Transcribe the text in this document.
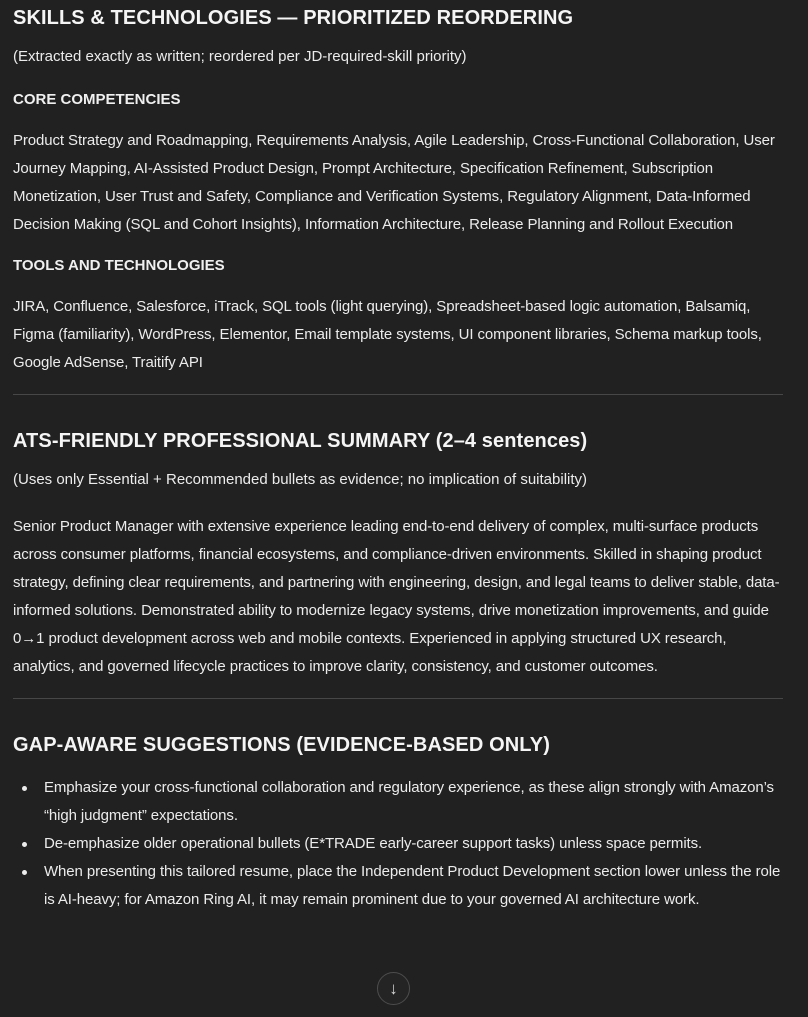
SKILLS & TECHNOLOGIES — PRIORITIZED REORDERING

(Extracted exactly as written; reordered per JD-required-skill priority)

CORE COMPETENCIES

Product Strategy and Roadmapping, Requirements Analysis, Agile Leadership, Cross-Functional Collaboration, User Journey Mapping, AI-Assisted Product Design, Prompt Architecture, Specification Refinement, Subscription Monetization, User Trust and Safety, Compliance and Verification Systems, Regulatory Alignment, Data-Informed Decision Making (SQL and Cohort Insights), Information Architecture, Release Planning and Rollout Execution

TOOLS AND TECHNOLOGIES

JIRA, Confluence, Salesforce, iTrack, SQL tools (light querying), Spreadsheet-based logic automation, Balsamiq, Figma (familiarity), WordPress, Elementor, Email template systems, UI component libraries, Schema markup tools, Google AdSense, Traitify API

ATS-FRIENDLY PROFESSIONAL SUMMARY (2–4 sentences)

(Uses only Essential + Recommended bullets as evidence; no implication of suitability)

Senior Product Manager with extensive experience leading end-to-end delivery of complex, multi-surface products across consumer platforms, financial ecosystems, and compliance-driven environments. Skilled in shaping product strategy, defining clear requirements, and partnering with engineering, design, and legal teams to deliver stable, data-informed solutions. Demonstrated ability to modernize legacy systems, drive monetization improvements, and guide 0→1 product development across web and mobile contexts. Experienced in applying structured UX research, analytics, and governed lifecycle practices to improve clarity, consistency, and customer outcomes.

GAP-AWARE SUGGESTIONS (EVIDENCE-BASED ONLY)
Emphasize your cross-functional collaboration and regulatory experience, as these align strongly with Amazon’s “high judgment” expectations.
De-emphasize older operational bullets (E*TRADE early-career support tasks) unless space permits.
When presenting this tailored resume, place the Independent Product Development section lower unless the role is AI-heavy; for Amazon Ring AI, it may remain prominent due to your governed AI architecture work.
↓
